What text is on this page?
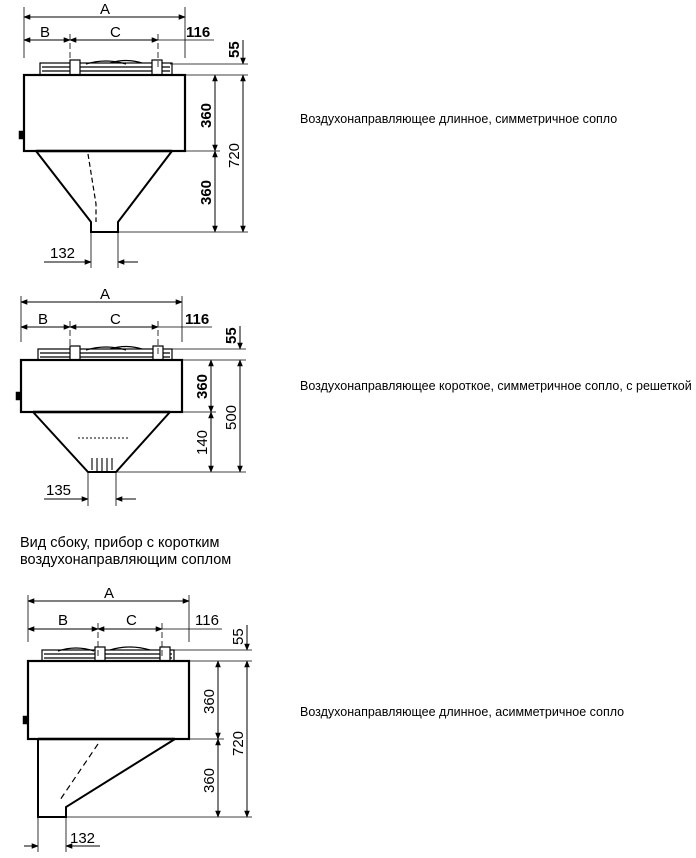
A
B	C	116
55
360
720
360
132
A
B	C	116
55
360
500
140
135
A
B	C	116
55
360
720
360
132
Воздухонаправляющее длинное, симметричное сопло
Воздухонаправляющее короткое, симметричное сопло, с решеткой
Вид сбоку, прибор с коротким воздухонаправляющим соплом
Воздухонаправляющее длинное, асимметричное сопло
